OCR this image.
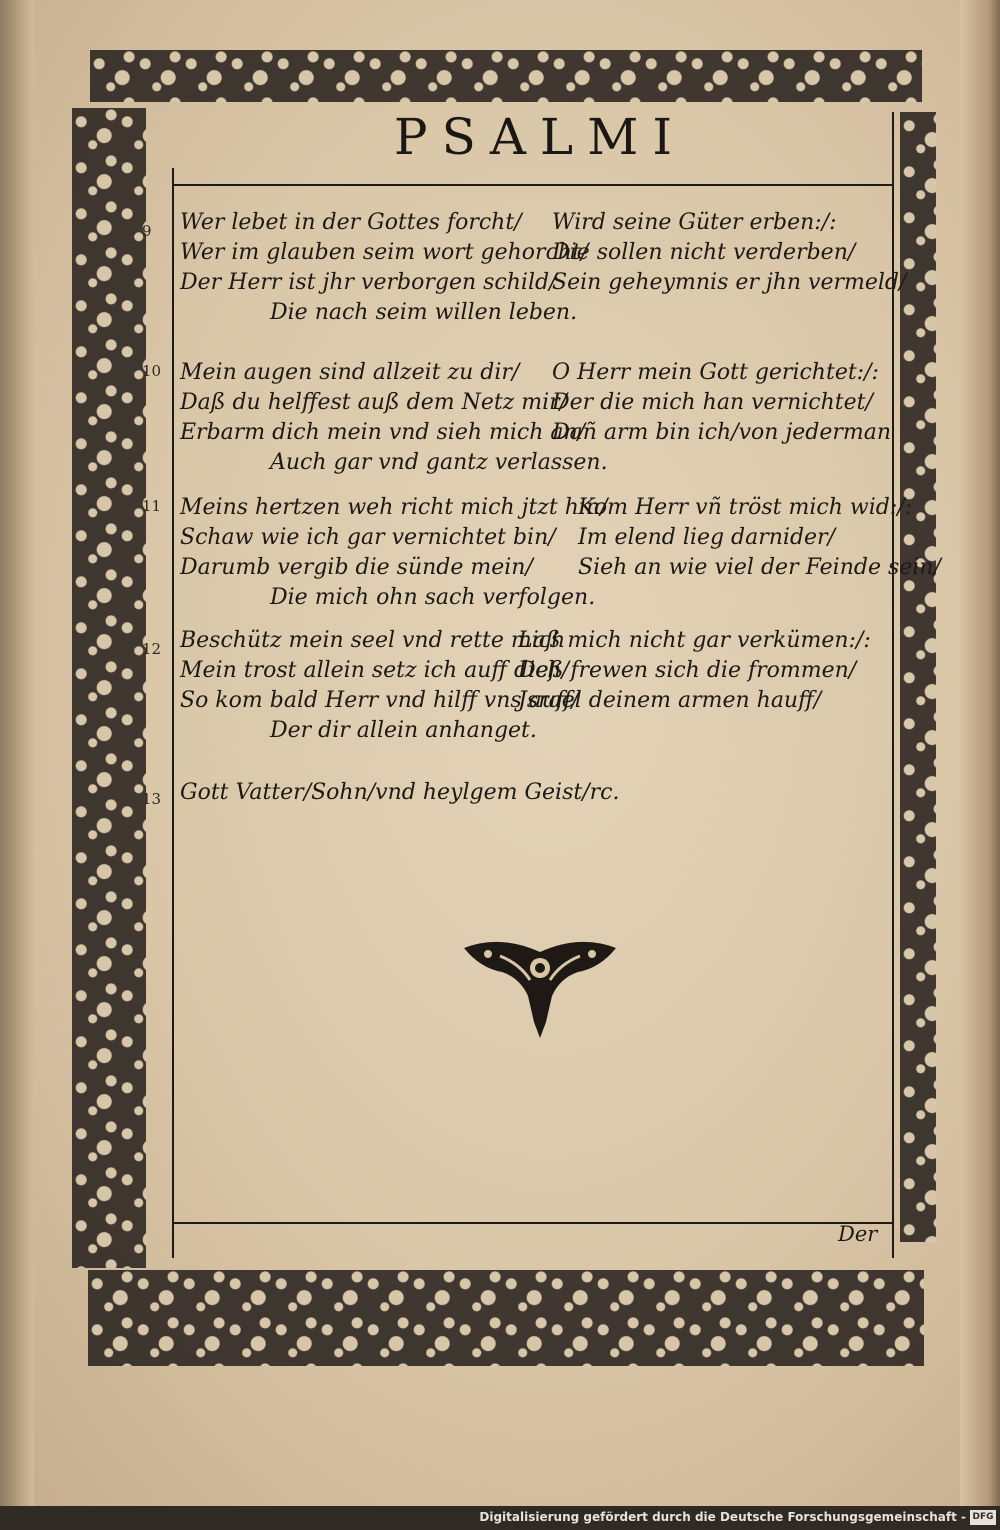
PSALMI
9 Wer lebet in der Gottes forcht/ Wird seine Güter erben:/:
Wer im glauben seim wort gehorcht/
Die sollen nicht verderben/
Der Herr ist jhr verborgen schild/
Sein geheymnis er jhn vermeld/
Die nach seim willen leben.
10 Mein augen sind allzeit zu dir/ O Herr mein Gott gerichtet:/:
Daß du helffest auß dem Netz mir/
Der die mich han vernichtet/
Erbarm dich mein vnd sieh mich an/
Dañ arm bin ich/von jederman
Auch gar vnd gantz verlassen.
11 Meins hertzen weh richt mich jtzt hin/
Kom Herr vñ tröst mich wid:/:
Schaw wie ich gar vernichtet bin/ Im elend lieg darnider/
Darumb vergib die sünde mein/ Sieh an wie viel der Feinde sein/
Die mich ohn sach verfolgen.
12 Beschütz mein seel vnd rette mich
Laß mich nicht gar verkümen:/:
Mein trost allein setz ich auff dich/
Deß frewen sich die frommen/
So kom bald Herr vnd hilff vns auff/
Jsrael deinem armen hauff/
Der dir allein anhanget.
13 Gott Vatter/Sohn/vnd heylgem Geist/rc.
Der
Digitalisierung gefördert durch die Deutsche Forschungsgemeinschaft - DFG
